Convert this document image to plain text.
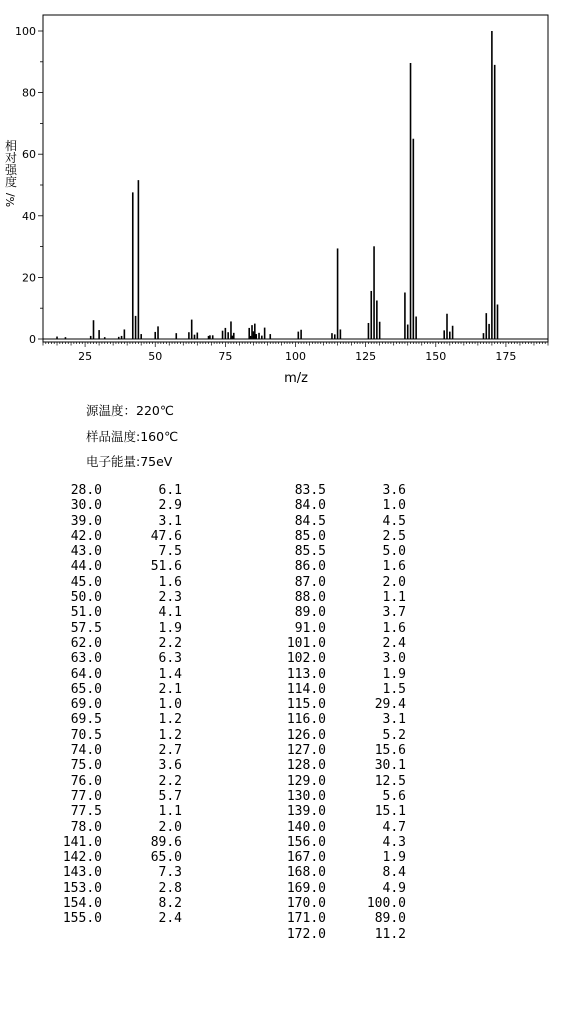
25	50	75	100	125	150	175
0
20
40
60
80
100
m/z
相对强度
%/
源温度：220℃
样品温度:160℃
电子能量:75eV
28.0	6.1
30.0	2.9
39.0	3.1
42.0	47.6
43.0	7.5
44.0	51.6
45.0	1.6
50.0	2.3
51.0	4.1
57.5	1.9
62.0	2.2
63.0	6.3
64.0	1.4
65.0	2.1
69.0	1.0
69.5	1.2
70.5	1.2
74.0	2.7
75.0	3.6
76.0	2.2
77.0	5.7
77.5	1.1
78.0	2.0
141.0	89.6
142.0	65.0
143.0	7.3
153.0	2.8
154.0	8.2
155.0	2.4
83.5	3.6
84.0	1.0
84.5	4.5
85.0	2.5
85.5	5.0
86.0	1.6
87.0	2.0
88.0	1.1
89.0	3.7
91.0	1.6
101.0	2.4
102.0	3.0
113.0	1.9
114.0	1.5
115.0	29.4
116.0	3.1
126.0	5.2
127.0	15.6
128.0	30.1
129.0	12.5
130.0	5.6
139.0	15.1
140.0	4.7
156.0	4.3
167.0	1.9
168.0	8.4
169.0	4.9
170.0	100.0
171.0	89.0
172.0	11.2
